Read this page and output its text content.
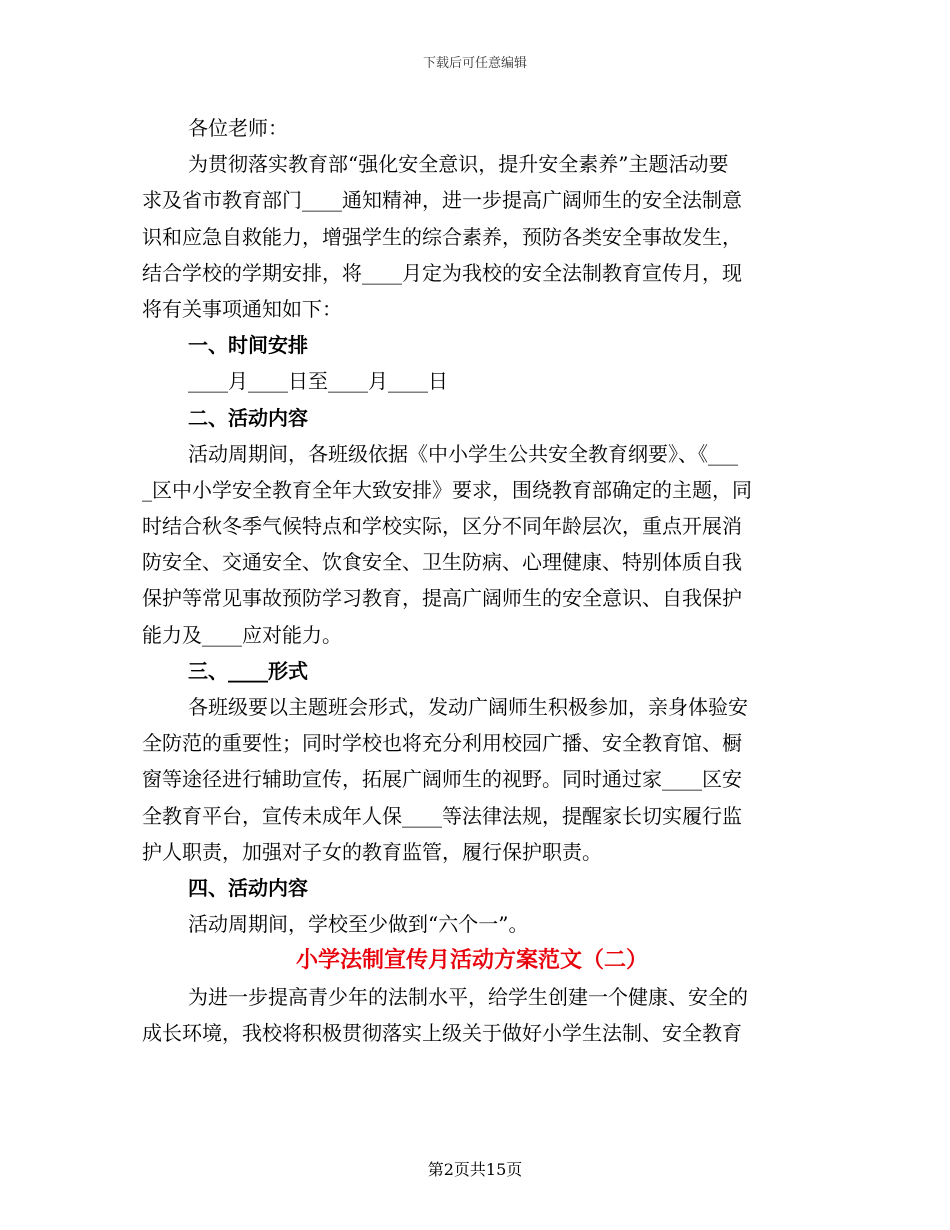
下载后可任意编辑
各位老师：
为贯彻落实教育部“强化安全意识，提升安全素养”主题活动要
求及省市教育部门____通知精神，进一步提高广阔师生的安全法制意
识和应急自救能力，增强学生的综合素养，预防各类安全事故发生，
结合学校的学期安排，将____月定为我校的安全法制教育宣传月，现
将有关事项通知如下：
一、时间安排
____月____日至____月____日
二、活动内容
活动周期间，各班级依据《中小学生公共安全教育纲要》、《___
_区中小学安全教育全年大致安排》要求，围绕教育部确定的主题，同
时结合秋冬季气候特点和学校实际，区分不同年龄层次，重点开展消
防安全、交通安全、饮食安全、卫生防病、心理健康、特别体质自我
保护等常见事故预防学习教育，提高广阔师生的安全意识、自我保护
能力及____应对能力。
三、____形式
各班级要以主题班会形式，发动广阔师生积极参加，亲身体验安
全防范的重要性；同时学校也将充分利用校园广播、安全教育馆、橱
窗等途径进行辅助宣传，拓展广阔师生的视野。同时通过家____区安
全教育平台，宣传未成年人保____等法律法规，提醒家长切实履行监
护人职责，加强对子女的教育监管，履行保护职责。
四、活动内容
活动周期间，学校至少做到“六个一”。
小学法制宣传月活动方案范文（二）
为进一步提高青少年的法制水平，给学生创建一个健康、安全的
成长环境，我校将积极贯彻落实上级关于做好小学生法制、安全教育
第2页共15页
